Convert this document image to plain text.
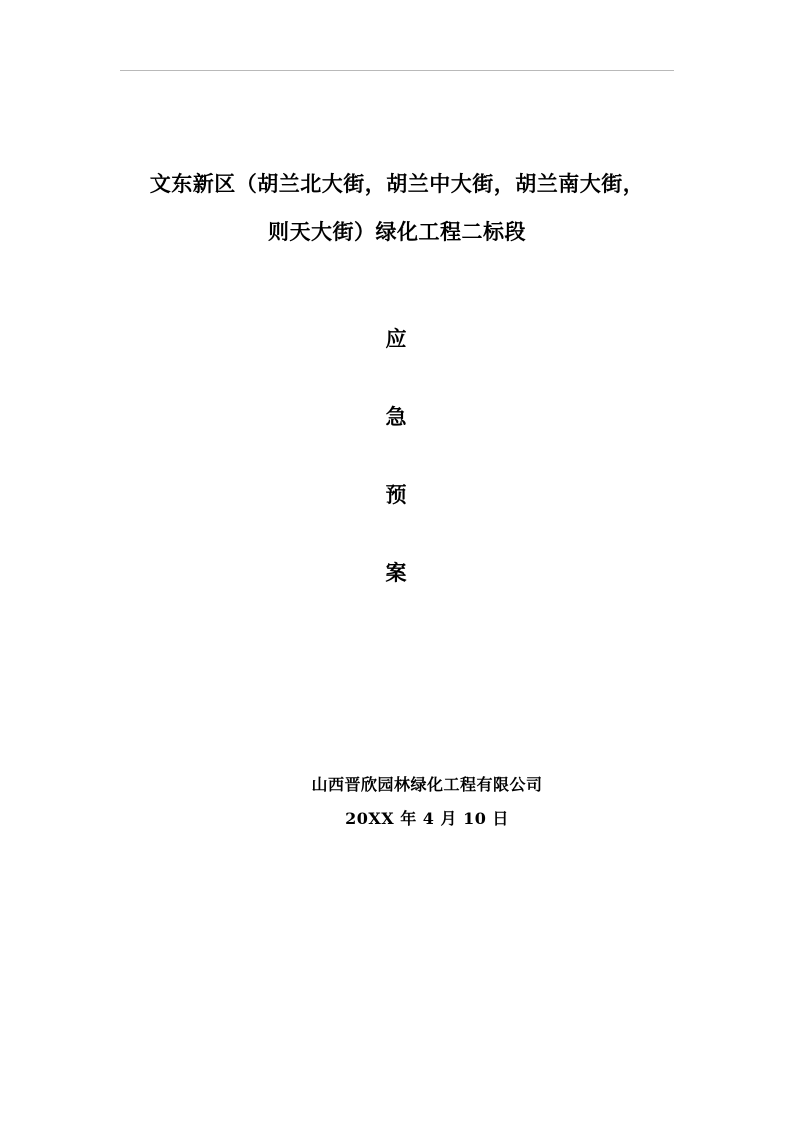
文东新区（胡兰北大街，胡兰中大街，胡兰南大街，

则天大街）绿化工程二标段

应

急

预

案

山西晋欣园林绿化工程有限公司

20XX 年 4 月 10 日
